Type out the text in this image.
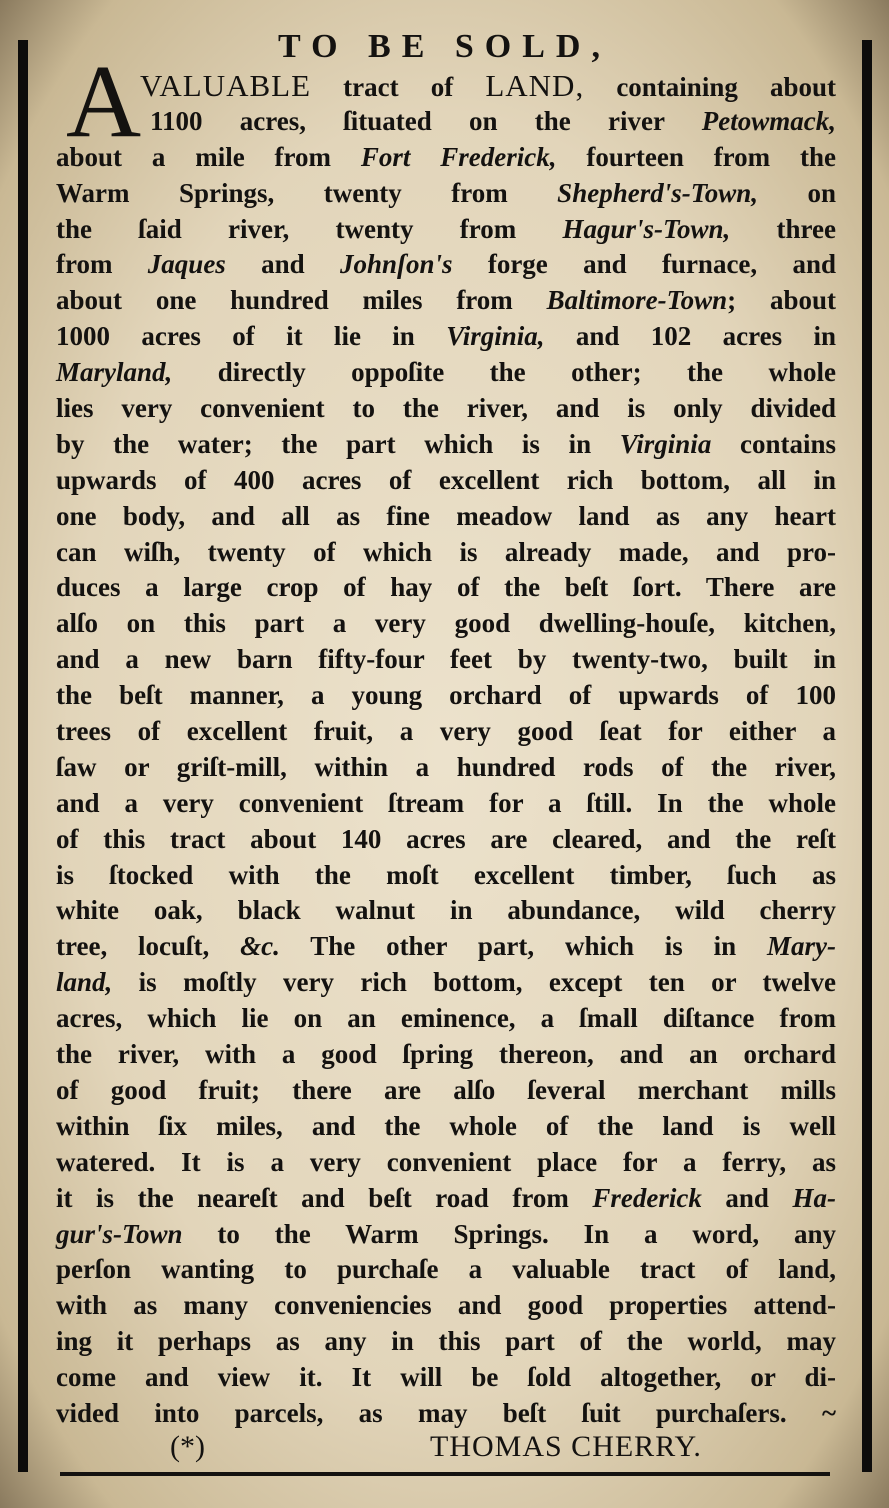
TO BE SOLD,
A
VALUABLE tract of LAND, containing about
1100 acres, ſituated on the river Petowmack,
about a mile from Fort Frederick, fourteen from the
Warm Springs, twenty from Shepherd's-Town, on
the ſaid river, twenty from Hagur's-Town, three
from Jaques and Johnſon's forge and furnace, and
about one hundred miles from Baltimore-Town; about
1000 acres of it lie in Virginia, and 102 acres in
Maryland, directly oppoſite the other; the whole
lies very convenient to the river, and is only divided
by the water; the part which is in Virginia contains
upwards of 400 acres of excellent rich bottom, all in
one body, and all as fine meadow land as any heart
can wiſh, twenty of which is already made, and pro-
duces a large crop of hay of the beſt ſort. There are
alſo on this part a very good dwelling-houſe, kitchen,
and a new barn fifty-four feet by twenty-two, built in
the beſt manner, a young orchard of upwards of 100
trees of excellent fruit, a very good ſeat for either a
ſaw or griſt-mill, within a hundred rods of the river,
and a very convenient ſtream for a ſtill. In the whole
of this tract about 140 acres are cleared, and the reſt
is ſtocked with the moſt excellent timber, ſuch as
white oak, black walnut in abundance, wild cherry
tree, locuſt, &c. The other part, which is in Mary-
land, is moſtly very rich bottom, except ten or twelve
acres, which lie on an eminence, a ſmall diſtance from
the river, with a good ſpring thereon, and an orchard
of good fruit; there are alſo ſeveral merchant mills
within ſix miles, and the whole of the land is well
watered. It is a very convenient place for a ferry, as
it is the neareſt and beſt road from Frederick and Ha-
gur's-Town to the Warm Springs. In a word, any
perſon wanting to purchaſe a valuable tract of land,
with as many conveniencies and good properties attend-
ing it perhaps as any in this part of the world, may
come and view it. It will be ſold altogether, or di-
vided into parcels, as may beſt ſuit purchaſers. ~
(*)	THOMAS CHERRY.
